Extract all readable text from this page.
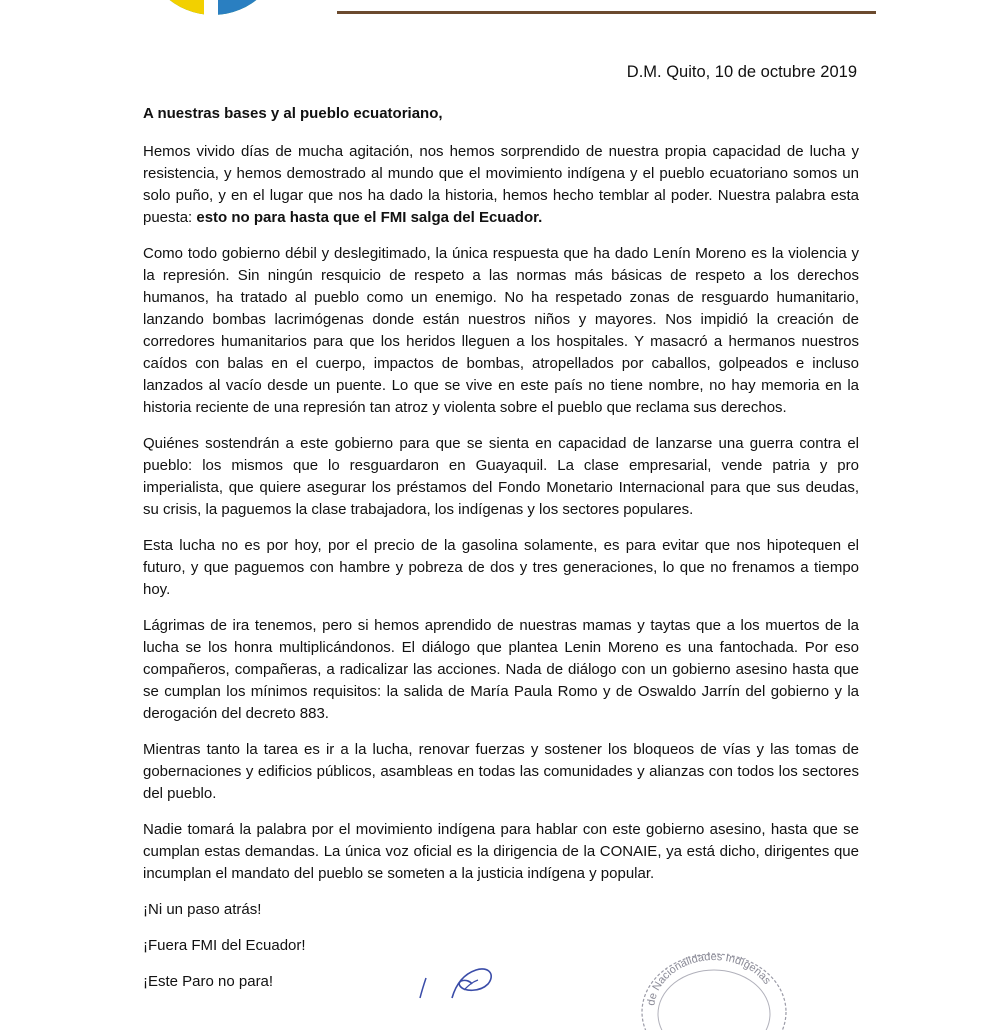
D.M. Quito, 10 de octubre 2019

A nuestras bases y al pueblo ecuatoriano,

Hemos vivido días de mucha agitación, nos hemos sorprendido de nuestra propia capacidad de lucha y resistencia, y hemos demostrado al mundo que el movimiento indígena y el pueblo ecuatoriano somos un solo puño, y en el lugar que nos ha dado la historia, hemos hecho temblar al poder. Nuestra palabra esta puesta: esto no para hasta que el FMI salga del Ecuador.

Como todo gobierno débil y deslegitimado, la única respuesta que ha dado Lenín Moreno es la violencia y la represión. Sin ningún resquicio de respeto a las normas más básicas de respeto a los derechos humanos, ha tratado al pueblo como un enemigo. No ha respetado zonas de resguardo humanitario, lanzando bombas lacrimógenas donde están nuestros niños y mayores. Nos impidió la creación de corredores humanitarios para que los heridos lleguen a los hospitales. Y masacró a hermanos nuestros caídos con balas en el cuerpo, impactos de bombas, atropellados por caballos, golpeados e incluso lanzados al vacío desde un puente. Lo que se vive en este país no tiene nombre, no hay memoria en la historia reciente de una represión tan atroz y violenta sobre el pueblo que reclama sus derechos.

Quiénes sostendrán a este gobierno para que se sienta en capacidad de lanzarse una guerra contra el pueblo: los mismos que lo resguardaron en Guayaquil. La clase empresarial, vende patria y pro imperialista, que quiere asegurar los préstamos del Fondo Monetario Internacional para que sus deudas, su crisis, la paguemos la clase trabajadora, los indígenas y los sectores populares.

Esta lucha no es por hoy, por el precio de la gasolina solamente, es para evitar que nos hipotequen el futuro, y que paguemos con hambre y pobreza de dos y tres generaciones, lo que no frenamos a tiempo hoy.

Lágrimas de ira tenemos, pero si hemos aprendido de nuestras mamas y taytas que a los muertos de la lucha se los honra multiplicándonos. El diálogo que plantea Lenin Moreno es una fantochada. Por eso compañeros, compañeras, a radicalizar las acciones. Nada de diálogo con un gobierno asesino hasta que se cumplan los mínimos requisitos: la salida de María Paula Romo y de Oswaldo Jarrín del gobierno y la derogación del decreto 883.

Mientras tanto la tarea es ir a la lucha, renovar fuerzas y sostener los bloqueos de vías y las tomas de gobernaciones y edificios públicos, asambleas en todas las comunidades y alianzas con todos los sectores del pueblo.

Nadie tomará la palabra por el movimiento indígena para hablar con este gobierno asesino, hasta que se cumplan estas demandas. La única voz oficial es la dirigencia de la CONAIE, ya está dicho, dirigentes que incumplan el mandato del pueblo se someten a la justicia indígena y popular.

¡Ni un paso atrás!

¡Fuera FMI del Ecuador!

¡Este Paro no para!

de Nacionalidades Indígenas
